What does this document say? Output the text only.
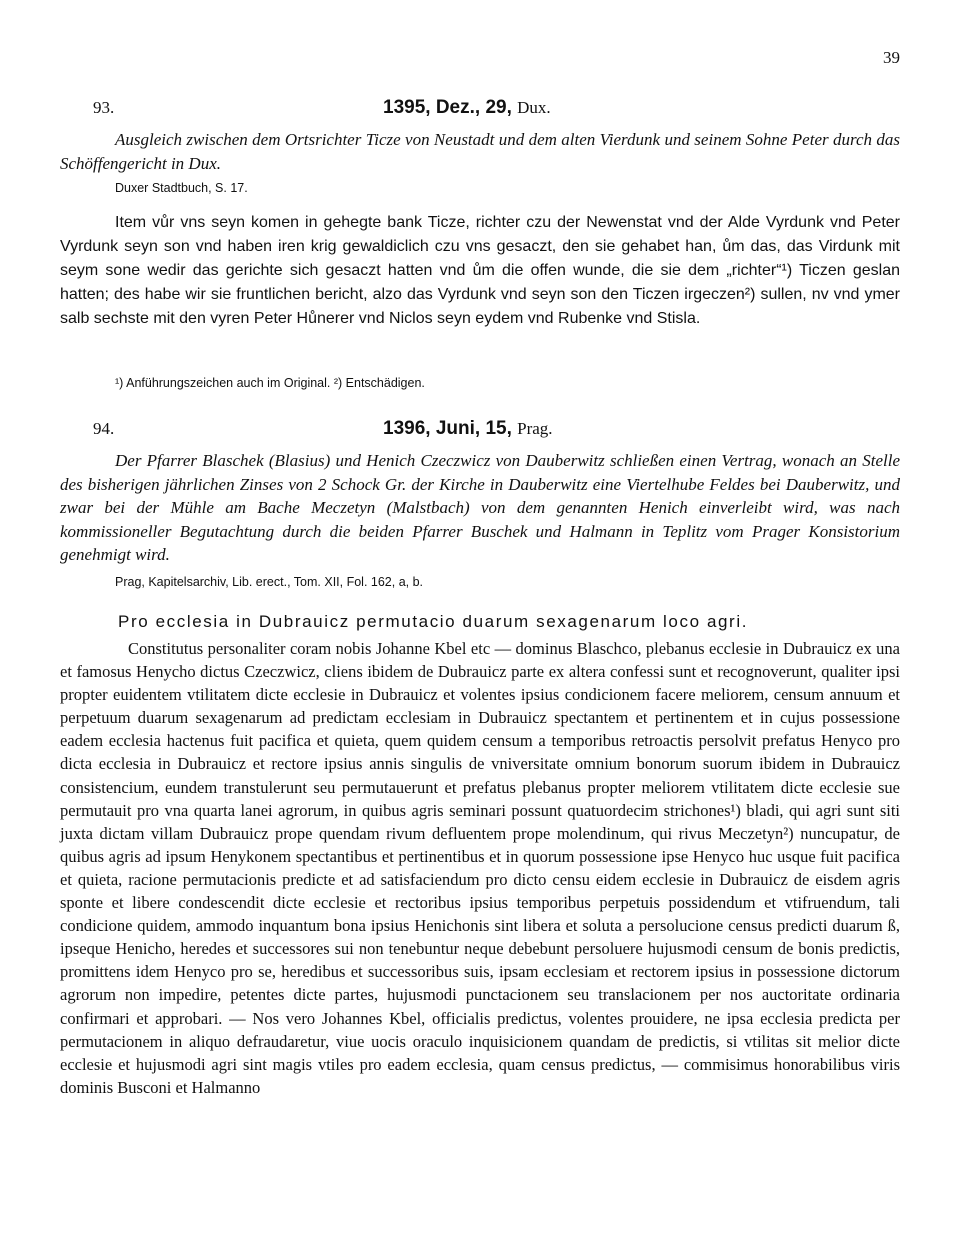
39
93.	1395, Dez., 29, Dux.

Ausgleich zwischen dem Ortsrichter Ticze von Neustadt und dem alten Vierdunk und seinem Sohne Peter durch das Schöffengericht in Dux.

Duxer Stadtbuch, S. 17.

Item vůr vns seyn komen in gehegte bank Ticze, richter czu der Newenstat vnd der Alde Vyrdunk vnd Peter Vyrdunk seyn son vnd haben iren krig gewaldiclich czu vns gesaczt, den sie gehabet han, ům das, das Virdunk mit seym sone wedir das gerichte sich gesaczt hatten vnd ům die offen wunde, die sie dem „richter“¹) Ticzen geslan hatten; des habe wir sie fruntlichen bericht, alzo das Vyrdunk vnd seyn son den Ticzen irgeczen²) sullen, nv vnd ymer salb sechste mit den vyren Peter Hůnerer vnd Niclos seyn eydem vnd Rubenke vnd Stisla.

¹) Anführungszeichen auch im Original. ²) Entschädigen.
94.	1396, Juni, 15, Prag.

Der Pfarrer Blaschek (Blasius) und Henich Czeczwicz von Dauberwitz schließen einen Vertrag, wonach an Stelle des bisherigen jährlichen Zinses von 2 Schock Gr. der Kirche in Dauberwitz eine Viertelhube Feldes bei Dauberwitz, und zwar bei der Mühle am Bache Meczetyn (Malstbach) von dem genannten Henich einverleibt wird, was nach kommissioneller Begutachtung durch die beiden Pfarrer Buschek und Halmann in Teplitz vom Prager Konsistorium genehmigt wird.

Prag, Kapitelsarchiv, Lib. erect., Tom. XII, Fol. 162, a, b.
Pro ecclesia in Dubrauicz permutacio duarum sexagenarum loco agri.

Constitutus personaliter coram nobis Johanne Kbel etc — dominus Blaschco, plebanus ecclesie in Dubrauicz ex una et famosus Henycho dictus Czeczwicz, cliens ibidem de Dubrauicz parte ex altera confessi sunt et recognoverunt, qualiter ipsi propter euidentem vtilitatem dicte ecclesie in Dubrauicz et volentes ipsius condicionem facere meliorem, censum annuum et perpetuum duarum sexagenarum ad predictam ecclesiam in Dubrauicz spectantem et pertinentem et in cujus possessione eadem ecclesia hactenus fuit pacifica et quieta, quem quidem censum a temporibus retroactis persolvit prefatus Henyco pro dicta ecclesia in Dubrauicz et rectore ipsius annis singulis de vniversitate omnium bonorum suorum ibidem in Dubrauicz consistencium, eundem transtulerunt seu permutauerunt et prefatus plebanus propter meliorem vtilitatem dicte ecclesie sue permutauit pro vna quarta lanei agrorum, in quibus agris seminari possunt quatuordecim strichones¹) bladi, qui agri sunt siti juxta dictam villam Dubrauicz prope quendam rivum defluentem prope molendinum, qui rivus Meczetyn²) nuncupatur, de quibus agris ad ipsum Henykonem spectantibus et pertinentibus et in quorum possessione ipse Henyco huc usque fuit pacifica et quieta, racione permutacionis predicte et ad satisfaciendum pro dicto censu eidem ecclesie in Dubrauicz de eisdem agris sponte et libere condescendit dicte ecclesie et rectoribus ipsius temporibus perpetuis possidendum et vtifruendum, tali condicione quidem, ammodo inquantum bona ipsius Henichonis sint libera et soluta a persolucione census predicti duarum ß, ipseque Henicho, heredes et successores sui non tenebuntur neque debebunt persoluere hujusmodi censum de bonis predictis, promittens idem Henyco pro se, heredibus et successoribus suis, ipsam ecclesiam et rectorem ipsius in possessione dictorum agrorum non impedire, petentes dicte partes, hujusmodi punctacionem seu translacionem per nos auctoritate ordinaria confirmari et approbari. — Nos vero Johannes Kbel, officialis predictus, volentes prouidere, ne ipsa ecclesia predicta per permutacionem in aliquo defraudaretur, viue uocis oraculo inquisicionem quandam de predictis, si vtilitas sit melior dicte ecclesie et hujusmodi agri sint magis vtiles pro eadem ecclesia, quam census predictus, — commisimus honorabilibus viris dominis Busconi et Halmanno
